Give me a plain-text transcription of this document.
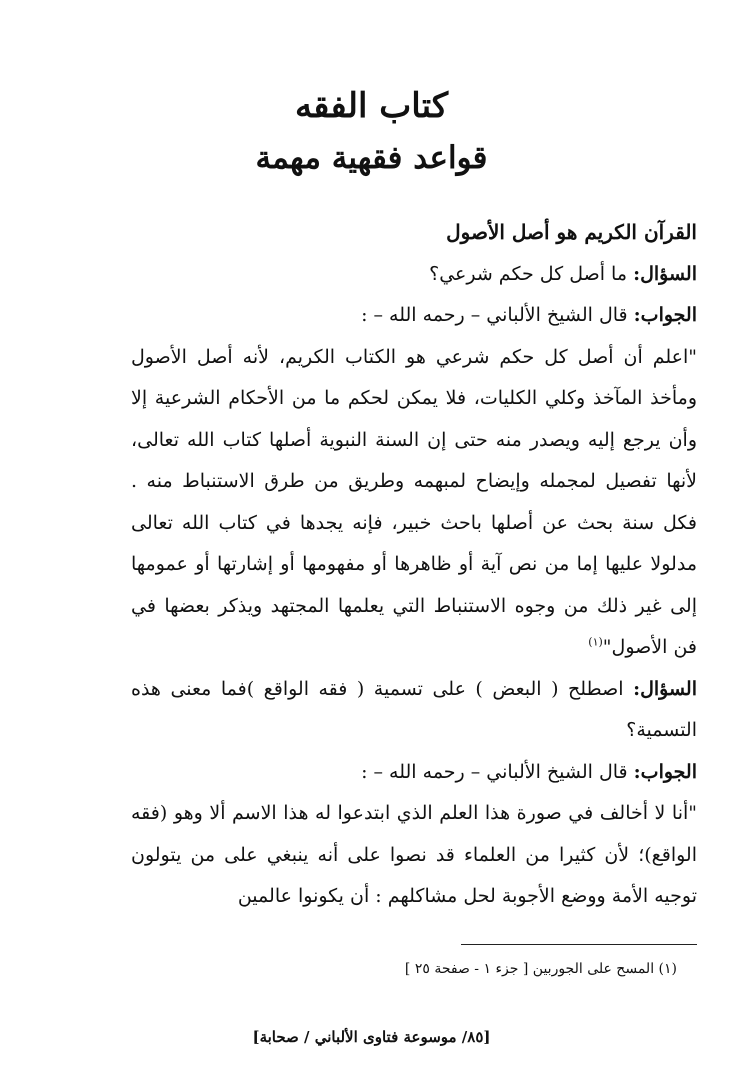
كتاب الفقه

قواعد فقهية مهمة

القرآن الكريم هو أصل الأصول

السؤال: ما أصل كل حكم شرعي؟

الجواب: قال الشيخ الألباني – رحمه الله – :

"اعلم أن أصل كل حكم شرعي هو الكتاب الكريم، لأنه أصل الأصول ومأخذ المآخذ وكلي الكليات، فلا يمكن لحكم ما من الأحكام الشرعية إلا وأن يرجع إليه ويصدر منه حتى إن السنة النبوية أصلها كتاب الله تعالى، لأنها تفصيل لمجمله وإيضاح لمبهمه وطريق من طرق الاستنباط منه . فكل سنة بحث عن أصلها باحث خبير، فإنه يجدها في كتاب الله تعالى مدلولا عليها إما من نص آية أو ظاهرها أو مفهومها أو إشارتها أو عمومها إلى غير ذلك من وجوه الاستنباط التي يعلمها المجتهد ويذكر بعضها في فن الأصول"$^{(١)}$

السؤال: اصطلح ( البعض ) على تسمية ( فقه الواقع )فما معنى هذه التسمية؟

الجواب: قال الشيخ الألباني – رحمه الله – :

"أنا لا أخالف في صورة هذا العلم الذي ابتدعوا له هذا الاسم ألا وهو (فقه الواقع)؛ لأن كثيرا من العلماء قد نصوا على أنه ينبغي على من يتولون توجيه الأمة ووضع الأجوبة لحل مشاكلهم : أن يكونوا عالمين

(١) المسح على الجوربين [ جزء ١ - صفحة ٢٥ ]

[٨٥/ موسوعة فتاوى الألباني / صحابة]
